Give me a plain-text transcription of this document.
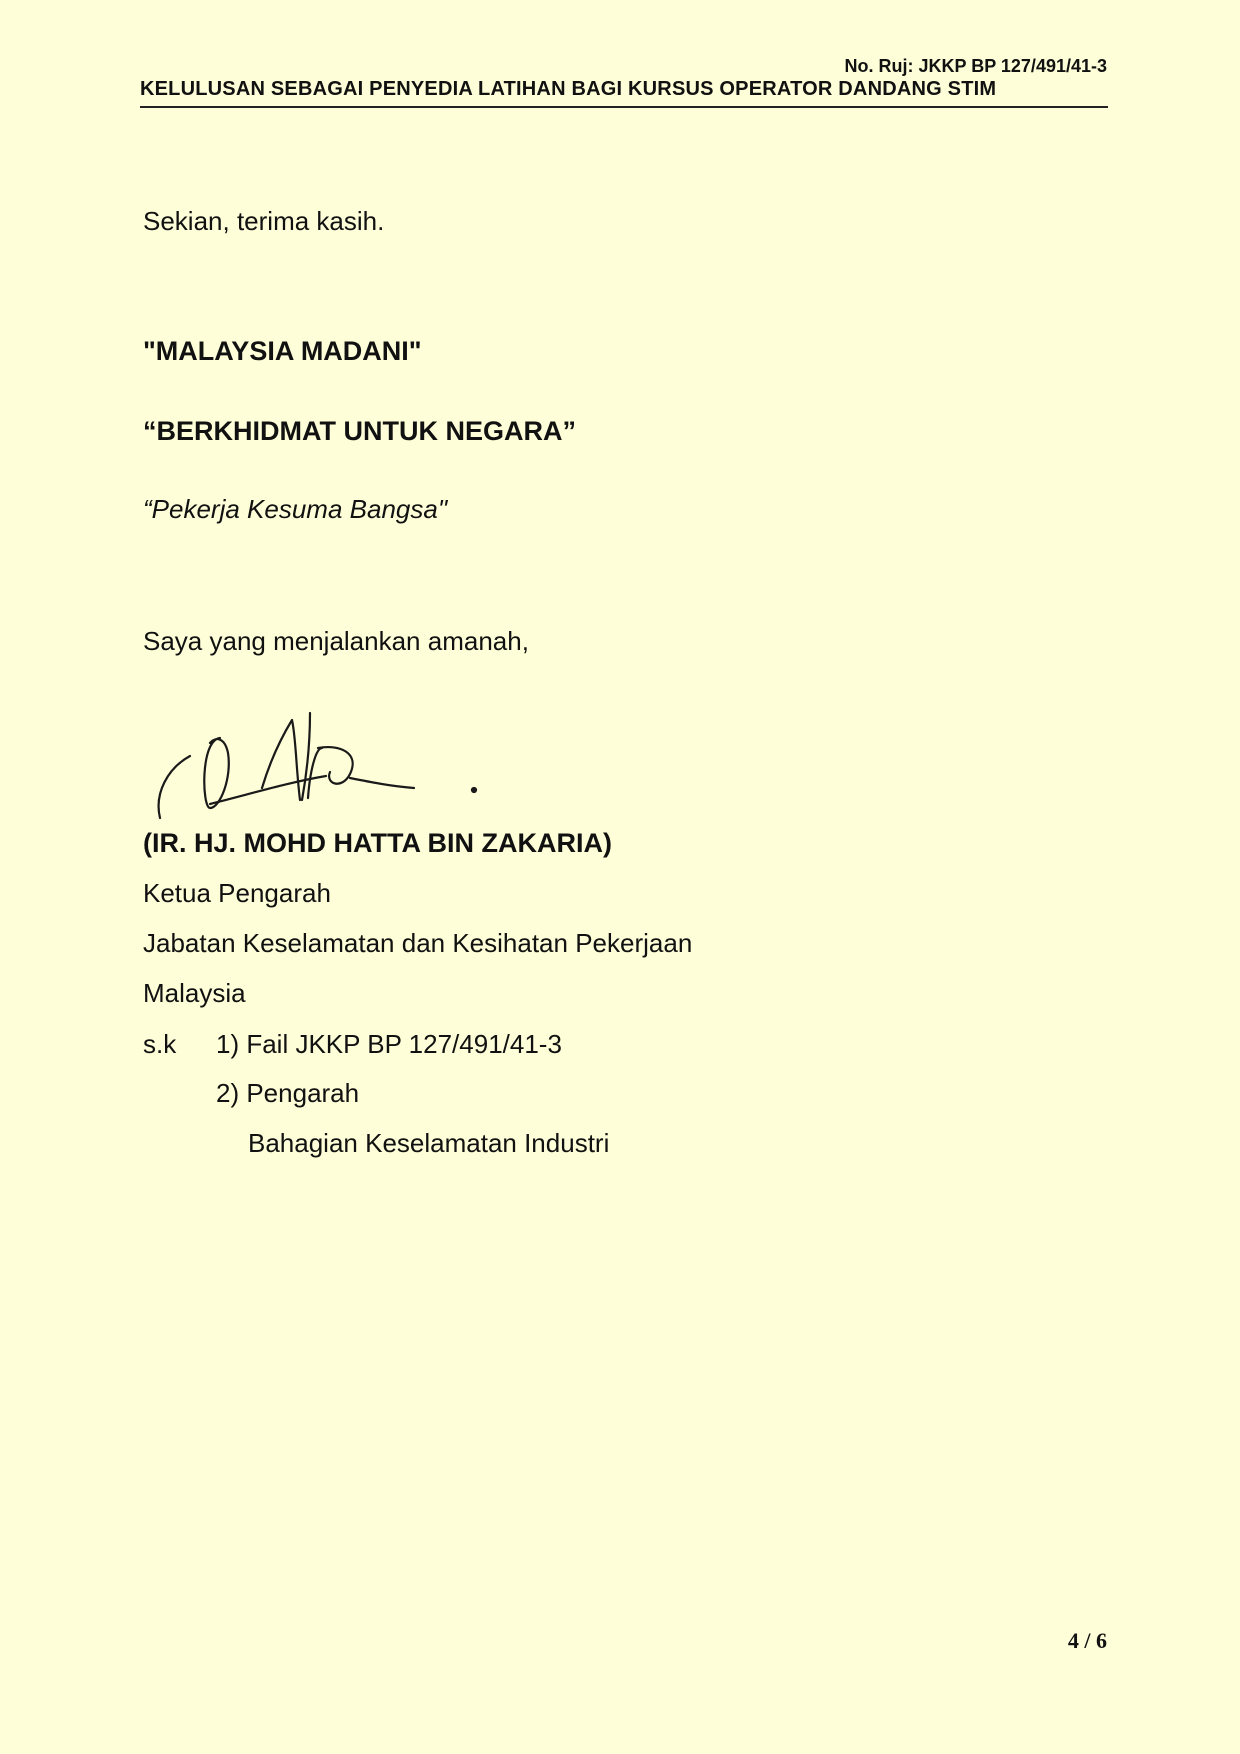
No. Ruj: JKKP BP 127/491/41-3
KELULUSAN SEBAGAI PENYEDIA LATIHAN BAGI KURSUS OPERATOR DANDANG STIM
Sekian, terima kasih.
"MALAYSIA MADANI"
“BERKHIDMAT UNTUK NEGARA”
“Pekerja Kesuma Bangsa"
Saya yang menjalankan amanah,
(IR. HJ. MOHD HATTA BIN ZAKARIA)
Ketua Pengarah
Jabatan Keselamatan dan Kesihatan Pekerjaan
Malaysia
s.k 1) Fail JKKP BP 127/491/41-3
2) Pengarah
Bahagian Keselamatan Industri
4 / 6
